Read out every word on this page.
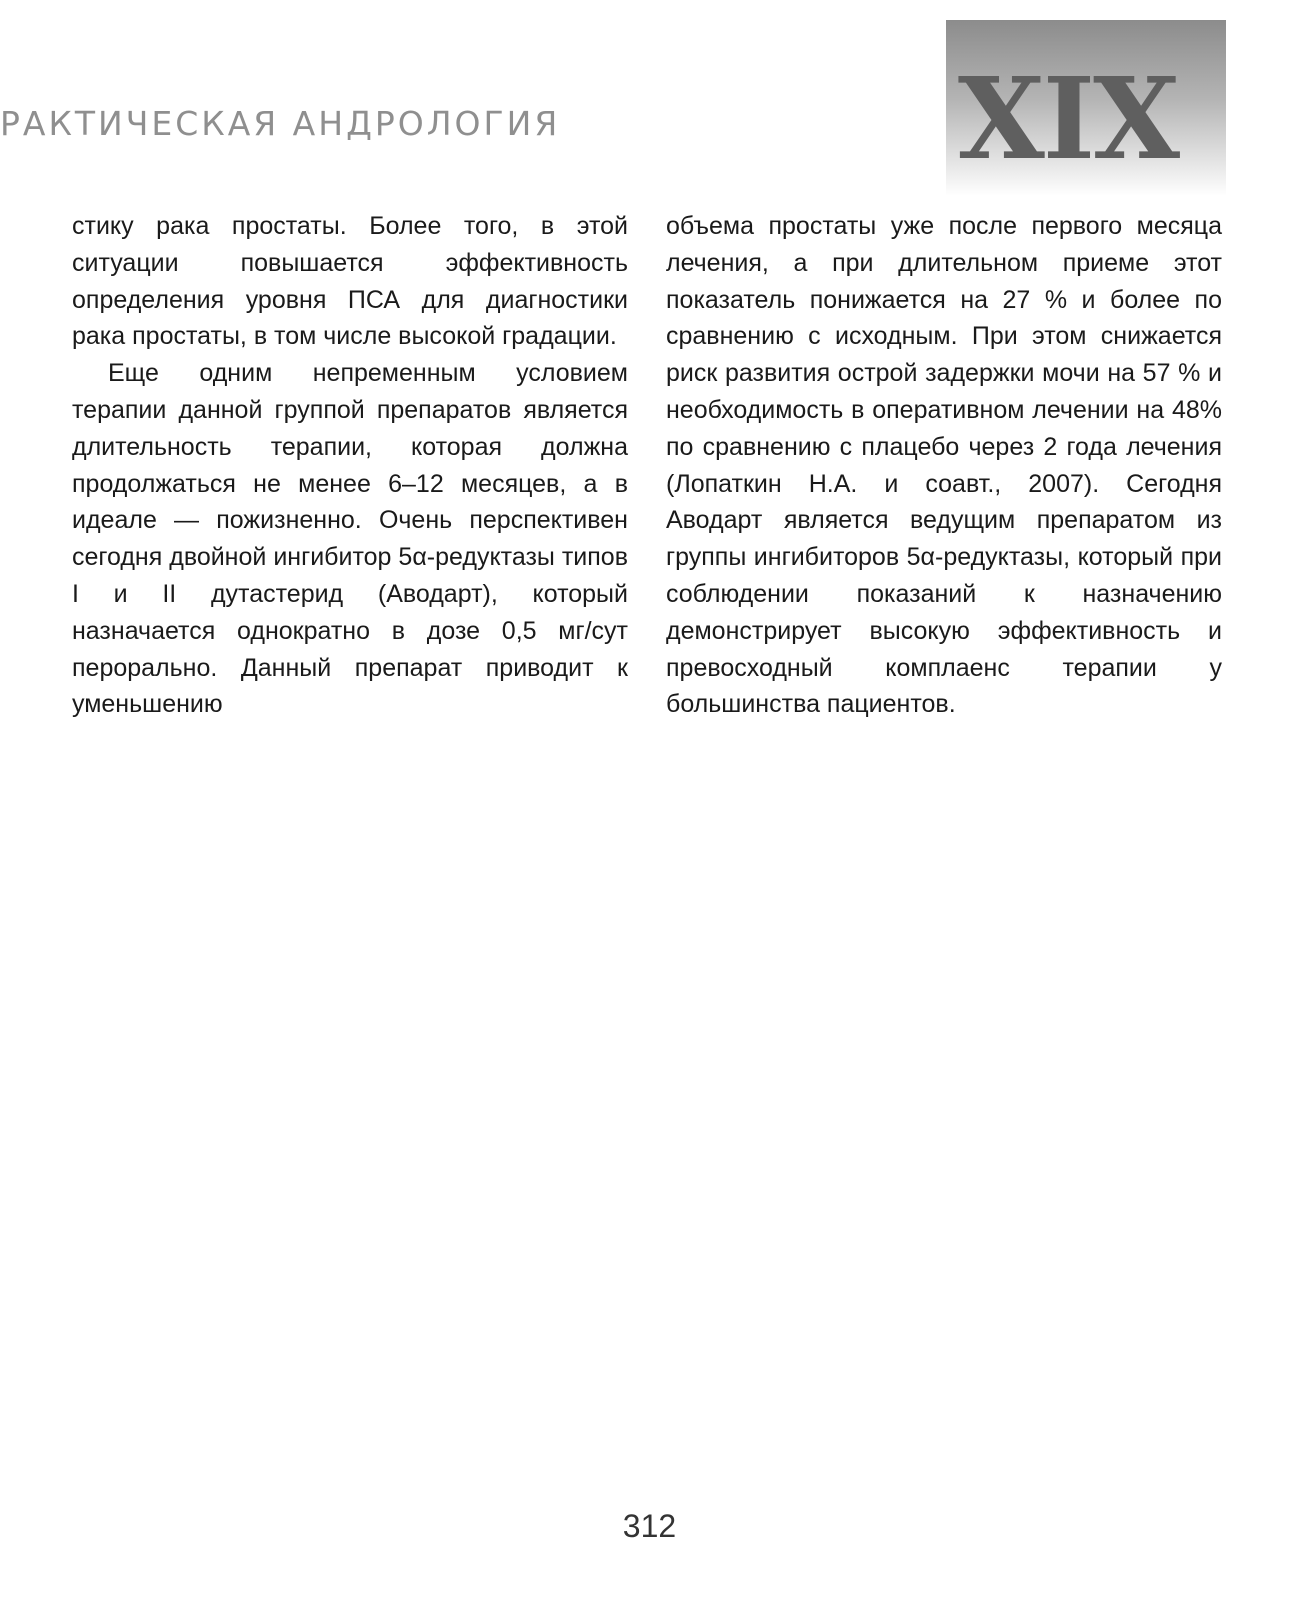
РАКТИЧЕСКАЯ АНДРОЛОГИЯ	XIX

стику рака простаты. Более того, в этой ситуации повышается эффективность определения уровня ПСА для диагностики рака простаты, в том числе высокой градации.

Еще одним непременным условием терапии данной группой препаратов является длительность терапии, которая должна продолжаться не менее 6–12 месяцев, а в идеале — пожизненно. Очень перспективен сегодня двойной ингибитор 5α-редуктазы типов I и II дутастерид (Аводарт), который назначается однократно в дозе 0,5 мг/сут перорально. Данный препарат приводит к уменьшению

объема простаты уже после первого месяца лечения, а при длительном приеме этот показатель понижается на 27 % и более по сравнению с исходным. При этом снижается риск развития острой задержки мочи на 57 % и необходимость в оперативном лечении на 48% по сравнению с плацебо через 2 года лечения (Лопаткин Н.А. и соавт., 2007). Сегодня Аводарт является ведущим препаратом из группы ингибиторов 5α-редуктазы, который при соблюдении показаний к назначению демонстрирует высокую эффективность и превосходный комплаенс терапии у большинства пациентов.

312
